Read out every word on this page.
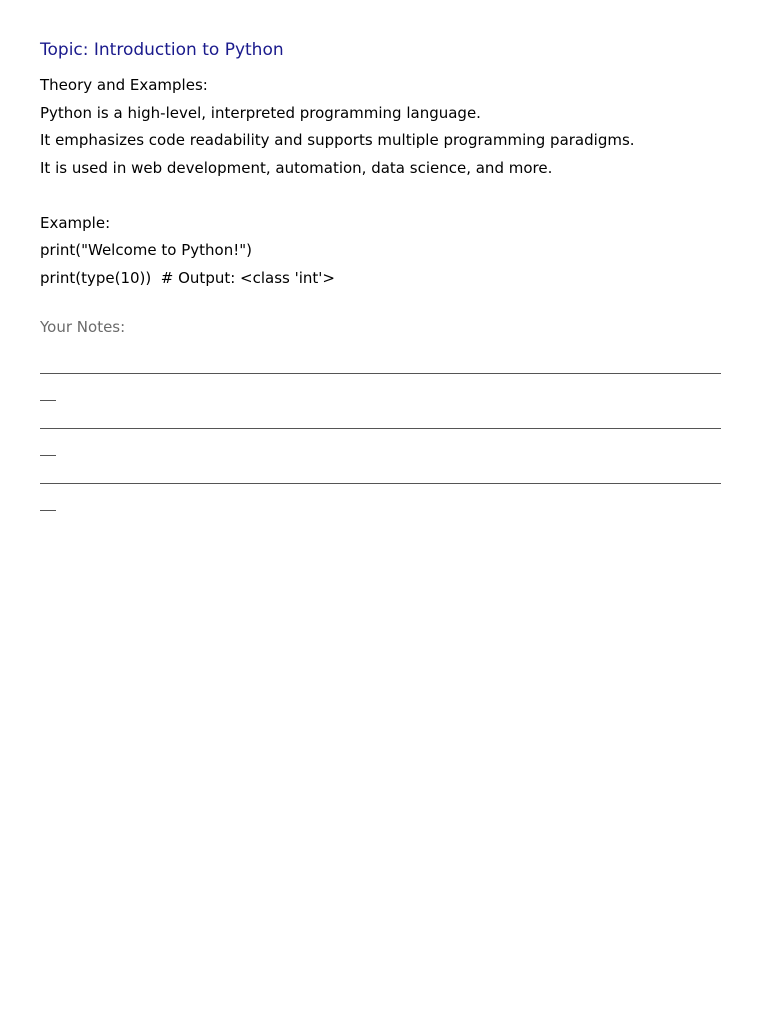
Topic: Introduction to Python
Theory and Examples:
Python is a high-level, interpreted programming language.
It emphasizes code readability and supports multiple programming paradigms.
It is used in web development, automation, data science, and more.
Example:
print("Welcome to Python!")
print(type(10))  # Output: <class 'int'>
Your Notes:
